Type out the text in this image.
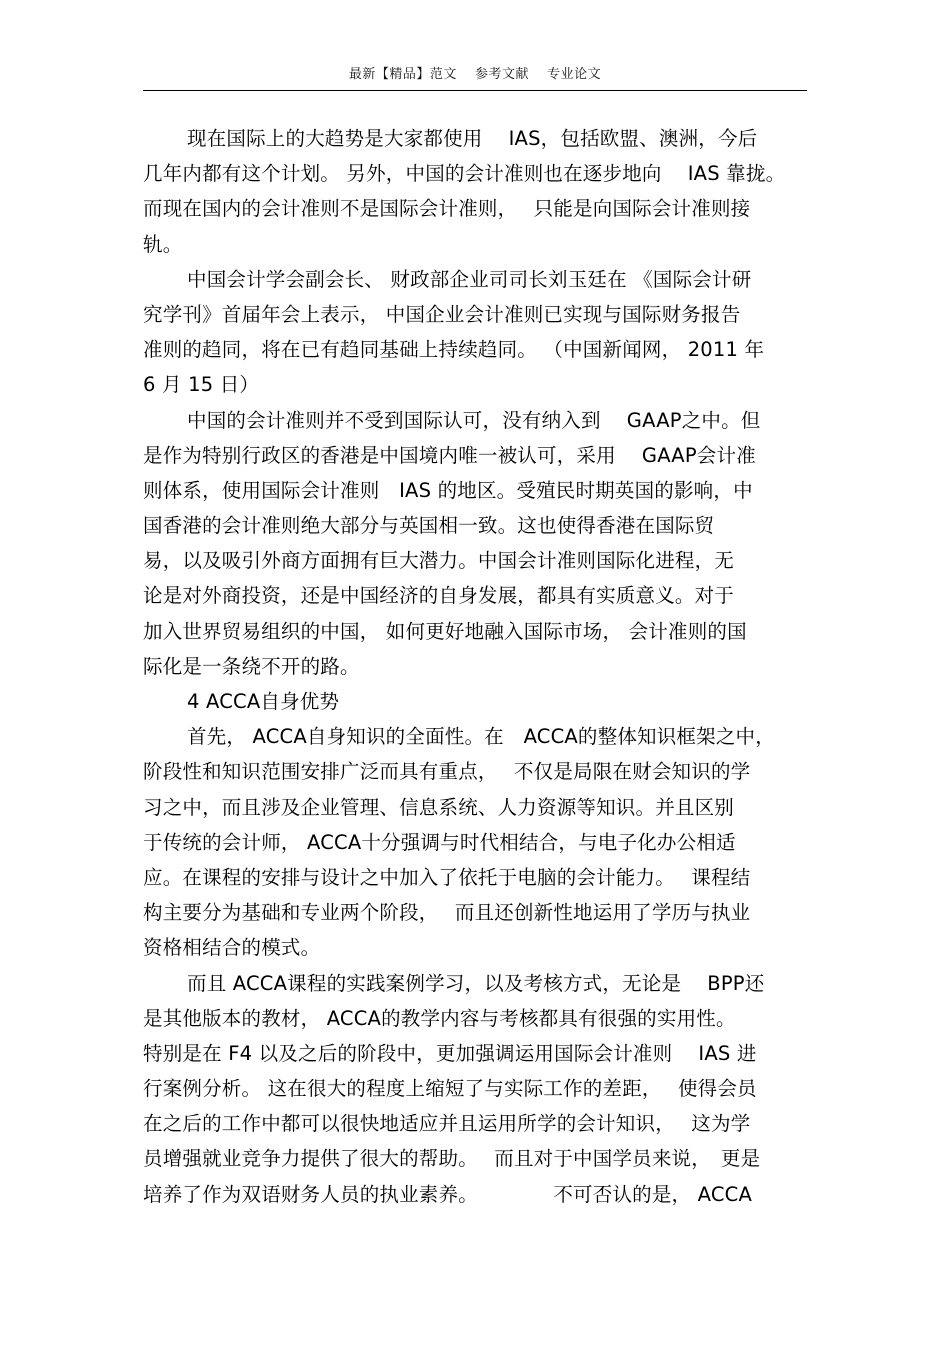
最新【精品】范文　 参考文献　 专业论文
现在国际上的大趋势是大家都使用　 IAS，包括欧盟、澳洲，今后
几年内都有这个计划。 另外，中国的会计准则也在逐步地向　 IAS 靠拢。
而现在国内的会计准则不是国际会计准则，　 只能是向国际会计准则接
轨。
中国会计学会副会长、 财政部企业司司长刘玉廷在 《国际会计研
究学刊》首届年会上表示， 中国企业会计准则已实现与国际财务报告
准则的趋同，将在已有趋同基础上持续趋同。 （中国新闻网， 2011 年
6 月 15 日）
中国的会计准则并不受到国际认可，没有纳入到　 GAAP之中。但
是作为特别行政区的香港是中国境内唯一被认可，采用　 GAAP会计准
则体系，使用国际会计准则　IAS 的地区。受殖民时期英国的影响，中
国香港的会计准则绝大部分与英国相一致。这也使得香港在国际贸
易，以及吸引外商方面拥有巨大潜力。中国会计准则国际化进程，无
论是对外商投资，还是中国经济的自身发展，都具有实质意义。对于
加入世界贸易组织的中国， 如何更好地融入国际市场， 会计准则的国
际化是一条绕不开的路。
4 ACCA自身优势
首先， ACCA自身知识的全面性。在　ACCA的整体知识框架之中，
阶段性和知识范围安排广泛而具有重点，　 不仅是局限在财会知识的学
习之中，而且涉及企业管理、信息系统、人力资源等知识。并且区别
于传统的会计师， ACCA十分强调与时代相结合，与电子化办公相适
应。在课程的安排与设计之中加入了依托于电脑的会计能力。　 课程结
构主要分为基础和专业两个阶段，　 而且还创新性地运用了学历与执业
资格相结合的模式。
而且 ACCA课程的实践案例学习，以及考核方式，无论是　 BPP还
是其他版本的教材， ACCA的教学内容与考核都具有很强的实用性。
特别是在 F4 以及之后的阶段中，更加强调运用国际会计准则　 IAS 进
行案例分析。 这在很大的程度上缩短了与实际工作的差距，　 使得会员
在之后的工作中都可以很快地适应并且运用所学的会计知识，　 这为学
员增强就业竞争力提供了很大的帮助。　 而且对于中国学员来说，　更是
培养了作为双语财务人员的执业素养。　　　　 不可否认的是， ACCA
